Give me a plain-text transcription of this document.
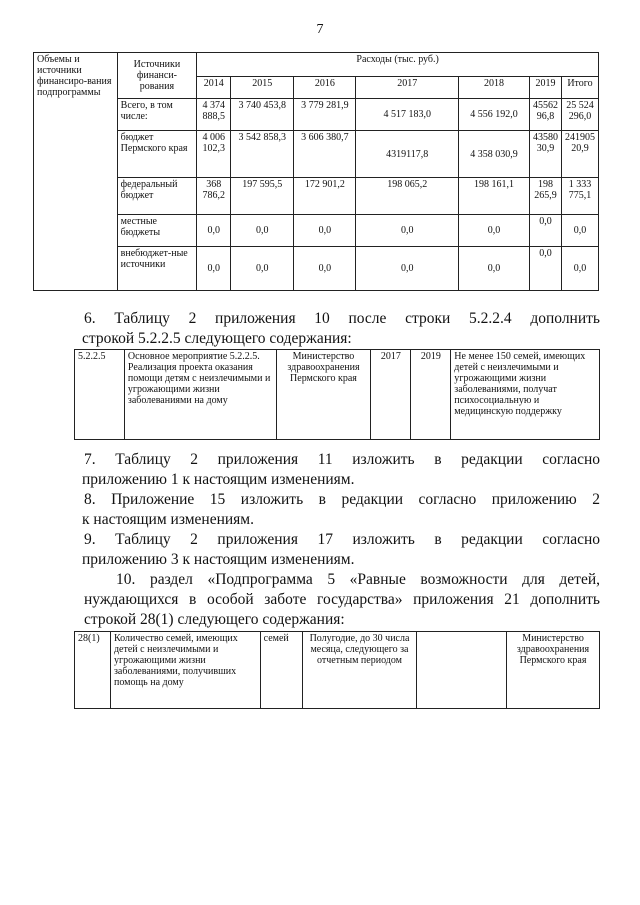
7
Объемы и источники финансиро-вания подпрограммы	Источники финанси-рования	Расходы (тыс. руб.)						
		2014	2015	2016	2017	2018	2019	Итого
	Всего, в том числе:	4 374 888,5	3 740 453,8	3 779 281,9	4 517 183,0	4 556 192,0	45562 96,8	25 524 296,0
	бюджет Пермского края	4 006 102,3	3 542 858,3	3 606 380,7	4319117,8	4 358 030,9	43580 30,9	241905 20,9
	федеральный бюджет	368 786,2	197 595,5	172 901,2	198 065,2	198 161,1	198 265,9	1 333 775,1
	местные бюджеты	0,0	0,0	0,0	0,0	0,0	0,0	0,0
	внебюджет-ные источники	0,0	0,0	0,0	0,0	0,0	0,0	0,0
6. Таблицу 2 приложения 10 после строки 5.2.2.4 дополнить
строкой 5.2.2.5 следующего содержания:
5.2.2.5	Основное мероприятие 5.2.2.5. Реализация проекта оказания помощи детям с неизлечимыми и угрожающими жизни заболеваниями на дому	Министерство здравоохранения Пермского края	2017	2019	Не менее 150 семей, имеющих детей с неизлечимыми и угрожающими жизни заболеваниями, получат психосоциальную и медицинскую поддержку
7. Таблицу 2 приложения 11 изложить в редакции согласно
приложению 1 к настоящим изменениям.
8. Приложение 15 изложить в редакции согласно приложению 2
к настоящим изменениям.
9. Таблицу 2 приложения 17 изложить в редакции согласно
приложению 3 к настоящим изменениям.
10. раздел «Подпрограмма 5 «Равные возможности для детей,
нуждающихся в особой заботе государства» приложения 21 дополнить
строкой 28(1) следующего содержания:
28(1)	Количество семей, имеющих детей с неизлечимыми и угрожающими жизни заболеваниями, получивших помощь на дому	семей	Полугодие, до 30 числа месяца, следующего за отчетным периодом		Министерство здравоохранения Пермского края
